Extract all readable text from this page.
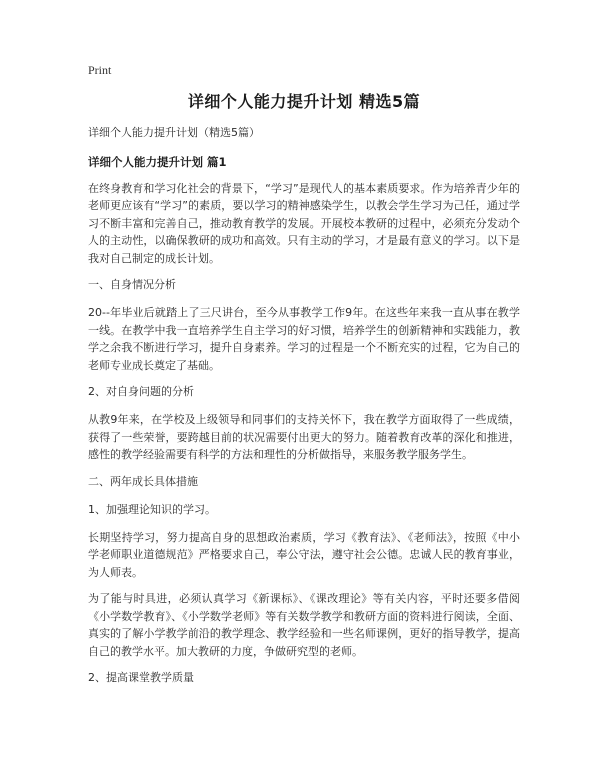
Print
详细个人能力提升计划 精选5篇
详细个人能力提升计划（精选5篇）
详细个人能力提升计划 篇1
在终身教育和学习化社会的背景下，“学习”是现代人的基本素质要求。作为培养青少年的老师更应该有“学习”的素质，要以学习的精神感染学生，以教会学生学习为己任，通过学习不断丰富和完善自己，推动教育教学的发展。开展校本教研的过程中，必须充分发动个人的主动性，以确保教研的成功和高效。只有主动的学习，才是最有意义的学习。以下是我对自己制定的成长计划。
一、自身情况分析
20--年毕业后就踏上了三尺讲台，至今从事教学工作9年。在这些年来我一直从事在教学一线。在教学中我一直培养学生自主学习的好习惯，培养学生的创新精神和实践能力，教学之余我不断进行学习，提升自身素养。学习的过程是一个不断充实的过程，它为自己的老师专业成长奠定了基础。
2、对自身问题的分析
从教9年来，在学校及上级领导和同事们的支持关怀下，我在教学方面取得了一些成绩，获得了一些荣誉，要跨越目前的状况需要付出更大的努力。随着教育改革的深化和推进，感性的教学经验需要有科学的方法和理性的分析做指导，来服务教学服务学生。
二、两年成长具体措施
1、加强理论知识的学习。
长期坚持学习，努力提高自身的思想政治素质，学习《教育法》、《老师法》，按照《中小学老师职业道德规范》严格要求自己，奉公守法，遵守社会公德。忠诚人民的教育事业，为人师表。
为了能与时具进，必须认真学习《新课标》、《课改理论》等有关内容，平时还要多借阅《小学数学教育》、《小学数学老师》等有关数学教学和教研方面的资料进行阅读，全面、真实的了解小学教学前沿的教学理念、教学经验和一些名师课例，更好的指导教学，提高自己的教学水平。加大教研的力度，争做研究型的老师。
2、提高课堂教学质量
